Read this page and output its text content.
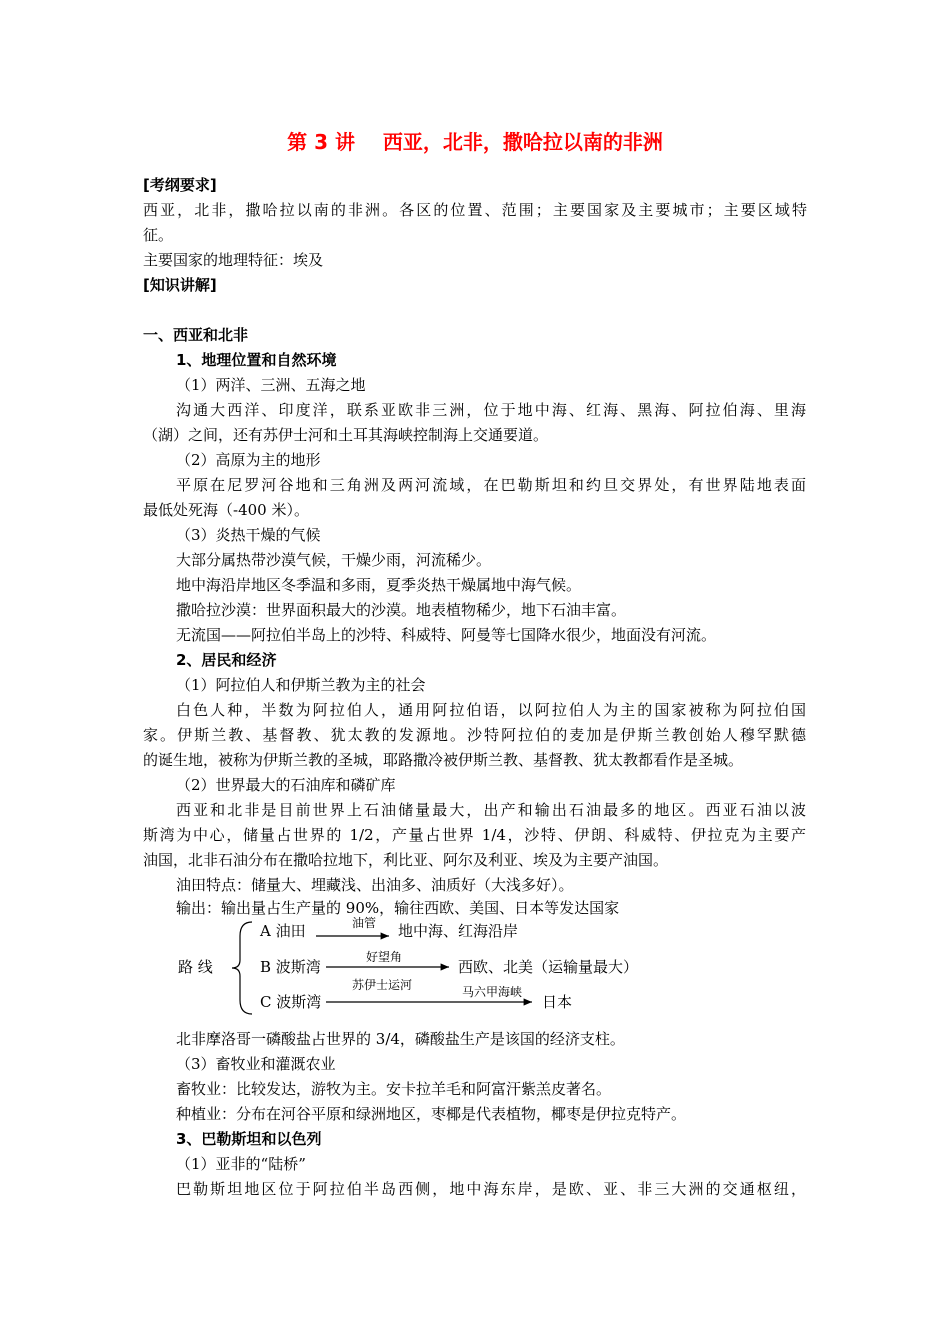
第 3 讲    西亚，北非，撒哈拉以南的非洲
[考纲要求]
西亚，北非，撒哈拉以南的非洲。各区的位置、范围；主要国家及主要城市；主要区域特
征。
主要国家的地理特征：埃及
[知识讲解]
一、西亚和北非
1、地理位置和自然环境
（1）两洋、三洲、五海之地
沟通大西洋、印度洋，联系亚欧非三洲，位于地中海、红海、黑海、阿拉伯海、里海
（湖）之间，还有苏伊士河和土耳其海峡控制海上交通要道。
（2）高原为主的地形
平原在尼罗河谷地和三角洲及两河流域，在巴勒斯坦和约旦交界处，有世界陆地表面
最低处死海（-400 米）。
（3）炎热干燥的气候
大部分属热带沙漠气候，干燥少雨，河流稀少。
地中海沿岸地区冬季温和多雨，夏季炎热干燥属地中海气候。
撒哈拉沙漠：世界面积最大的沙漠。地表植物稀少，地下石油丰富。
无流国——阿拉伯半岛上的沙特、科威特、阿曼等七国降水很少，地面没有河流。
2、居民和经济
（1）阿拉伯人和伊斯兰教为主的社会
白色人种，半数为阿拉伯人，通用阿拉伯语，以阿拉伯人为主的国家被称为阿拉伯国
家。伊斯兰教、基督教、犹太教的发源地。沙特阿拉伯的麦加是伊斯兰教创始人穆罕默德
的诞生地，被称为伊斯兰教的圣城，耶路撒冷被伊斯兰教、基督教、犹太教都看作是圣城。
（2）世界最大的石油库和磷矿库
西亚和北非是目前世界上石油储量最大，出产和输出石油最多的地区。西亚石油以波
斯湾为中心，储量占世界的 1/2，产量占世界 1/4，沙特、伊朗、科威特、伊拉克为主要产
油国，北非石油分布在撒哈拉地下，利比亚、阿尔及利亚、埃及为主要产油国。
油田特点：储量大、埋藏浅、出油多、油质好（大浅多好）。
输出：输出量占生产量的 90%，输往西欧、美国、日本等发达国家
路 线
A 油田	油管 地中海、红海沿岸
B 波斯湾
好望角
苏伊士运河
西欧、北美（运输量最大）
C 波斯湾
马六甲海峡
日本
北非摩洛哥一磷酸盐占世界的 3/4，磷酸盐生产是该国的经济支柱。
（3）畜牧业和灌溉农业
畜牧业：比较发达，游牧为主。安卡拉羊毛和阿富汗紫羔皮著名。
种植业：分布在河谷平原和绿洲地区，枣椰是代表植物，椰枣是伊拉克特产。
3、巴勒斯坦和以色列
（1）亚非的“陆桥”
巴勒斯坦地区位于阿拉伯半岛西侧，地中海东岸，是欧、亚、非三大洲的交通枢纽，
